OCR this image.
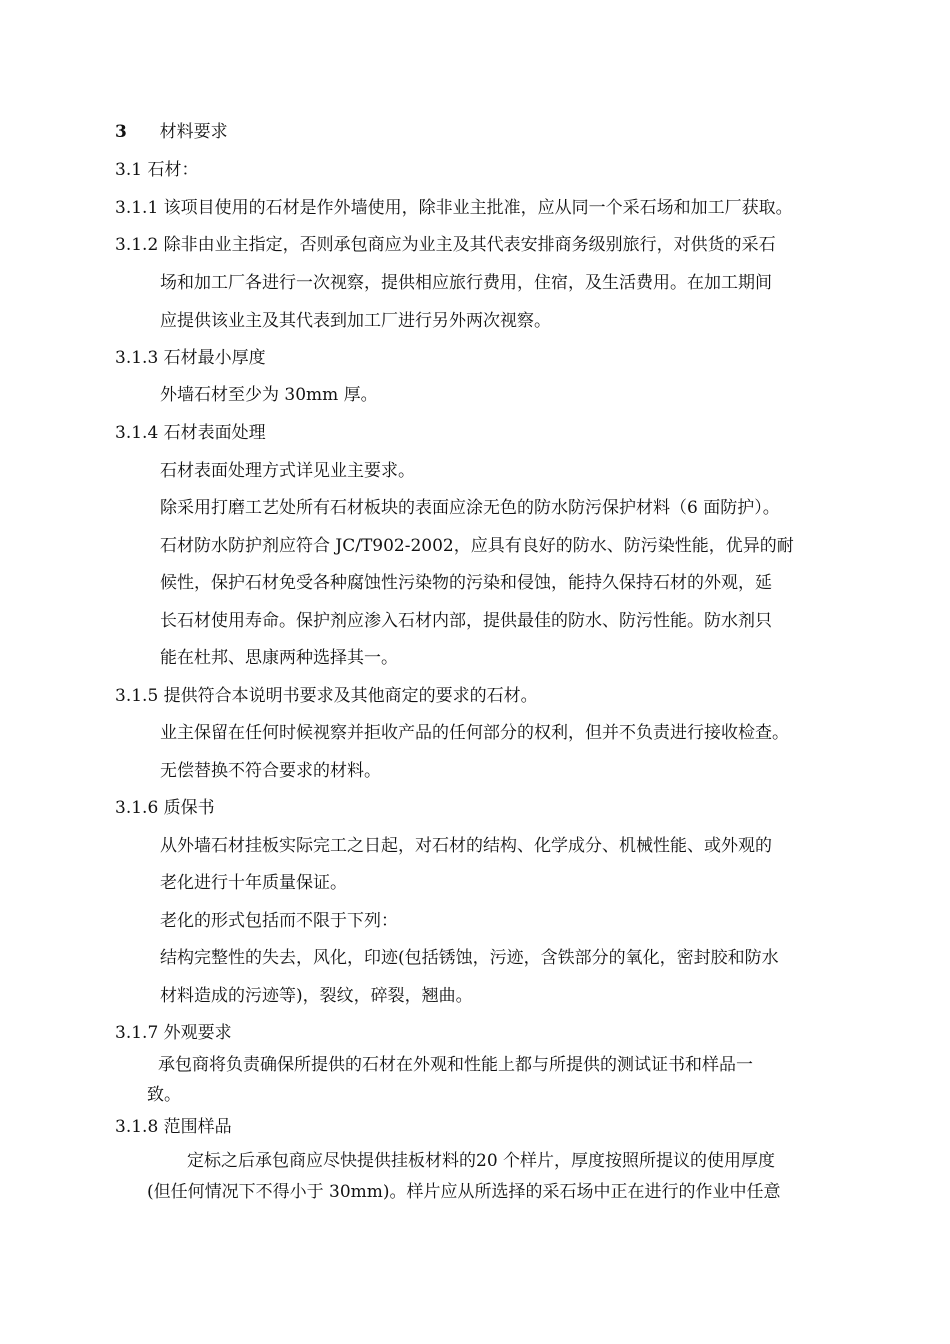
3 材料要求
3.1 石材：
3.1.1 该项目使用的石材是作外墙使用，除非业主批准，应从同一个采石场和加工厂获取。
3.1.2 除非由业主指定，否则承包商应为业主及其代表安排商务级别旅行，对供货的采石
场和加工厂各进行一次视察，提供相应旅行费用，住宿，及生活费用。在加工期间
应提供该业主及其代表到加工厂进行另外两次视察。
3.1.3 石材最小厚度
外墙石材至少为 30mm 厚。
3.1.4 石材表面处理
石材表面处理方式详见业主要求。
除采用打磨工艺处所有石材板块的表面应涂无色的防水防污保护材料（6 面防护）。
石材防水防护剂应符合 JC/T902-2002，应具有良好的防水、防污染性能，优异的耐
候性，保护石材免受各种腐蚀性污染物的污染和侵蚀，能持久保持石材的外观，延
长石材使用寿命。保护剂应渗入石材内部，提供最佳的防水、防污性能。防水剂只
能在杜邦、思康两种选择其一。
3.1.5 提供符合本说明书要求及其他商定的要求的石材。
业主保留在任何时候视察并拒收产品的任何部分的权利，但并不负责进行接收检查。
无偿替换不符合要求的材料。
3.1.6 质保书
从外墙石材挂板实际完工之日起，对石材的结构、化学成分、机械性能、或外观的
老化进行十年质量保证。
老化的形式包括而不限于下列：
结构完整性的失去，风化，印迹(包括锈蚀，污迹，含铁部分的氧化，密封胶和防水
材料造成的污迹等)，裂纹，碎裂，翘曲。
3.1.7 外观要求
承包商将负责确保所提供的石材在外观和性能上都与所提供的测试证书和样品一
致。
3.1.8 范围样品
定标之后承包商应尽快提供挂板材料的20 个样片，厚度按照所提议的使用厚度
(但任何情况下不得小于 30mm)。样片应从所选择的采石场中正在进行的作业中任意
